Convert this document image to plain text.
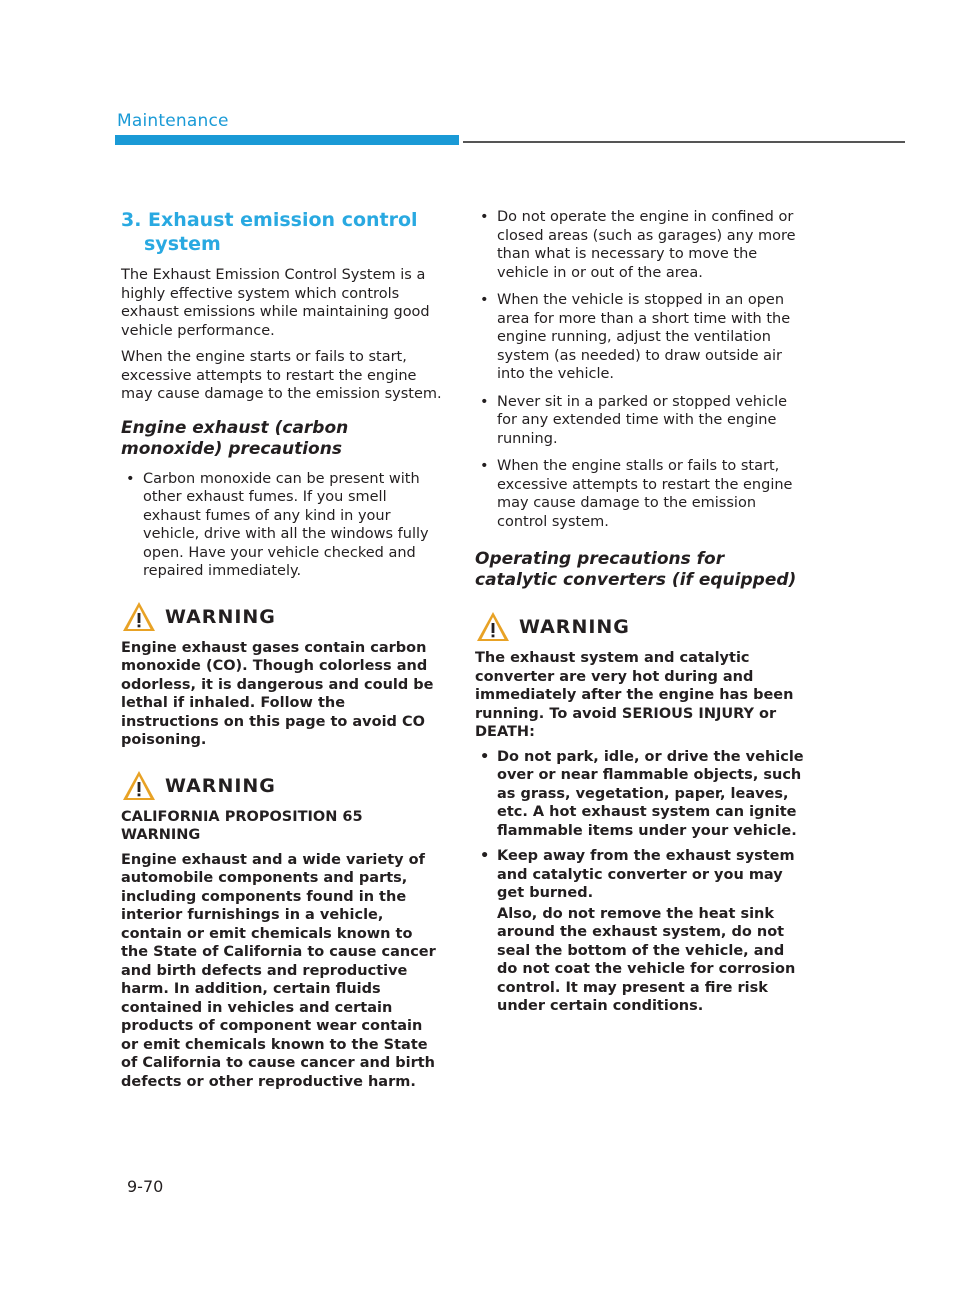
Maintenance
3. Exhaust emission control system

The Exhaust Emission Control System is a highly effective system which controls exhaust emissions while maintaining good vehicle performance.

When the engine starts or fails to start, excessive attempts to restart the engine may cause damage to the emission system.

Engine exhaust (carbon monoxide) precautions
• Carbon monoxide can be present with other exhaust fumes. If you smell exhaust fumes of any kind in your vehicle, drive with all the windows fully open. Have your vehicle checked and repaired immediately.
WARNING

Engine exhaust gases contain carbon monoxide (CO). Though colorless and odorless, it is dangerous and could be lethal if inhaled. Follow the instructions on this page to avoid CO poisoning.

WARNING

CALIFORNIA PROPOSITION 65 WARNING

Engine exhaust and a wide variety of automobile components and parts, including components found in the interior furnishings in a vehicle, contain or emit chemicals known to the State of California to cause cancer and birth defects and reproductive harm. In addition, certain fluids contained in vehicles and certain products of component wear contain or emit chemicals known to the State of California to cause cancer and birth defects or other reproductive harm.

• Do not operate the engine in confined or closed areas (such as garages) any more than what is necessary to move the vehicle in or out of the area.
• When the vehicle is stopped in an open area for more than a short time with the engine running, adjust the ventilation system (as needed) to draw outside air into the vehicle.
• Never sit in a parked or stopped vehicle for any extended time with the engine running.
• When the engine stalls or fails to start, excessive attempts to restart the engine may cause damage to the emission control system.
Operating precautions for catalytic converters (if equipped)
WARNING

The exhaust system and catalytic converter are very hot during and immediately after the engine has been running. To avoid SERIOUS INJURY or DEATH:

• Do not park, idle, or drive the vehicle over or near flammable objects, such as grass, vegetation, paper, leaves, etc. A hot exhaust system can ignite flammable items under your vehicle.
• Keep away from the exhaust system and catalytic converter or you may get burned.
Also, do not remove the heat sink around the exhaust system, do not seal the bottom of the vehicle, and do not coat the vehicle for corrosion control. It may present a fire risk under certain conditions.
9-70
